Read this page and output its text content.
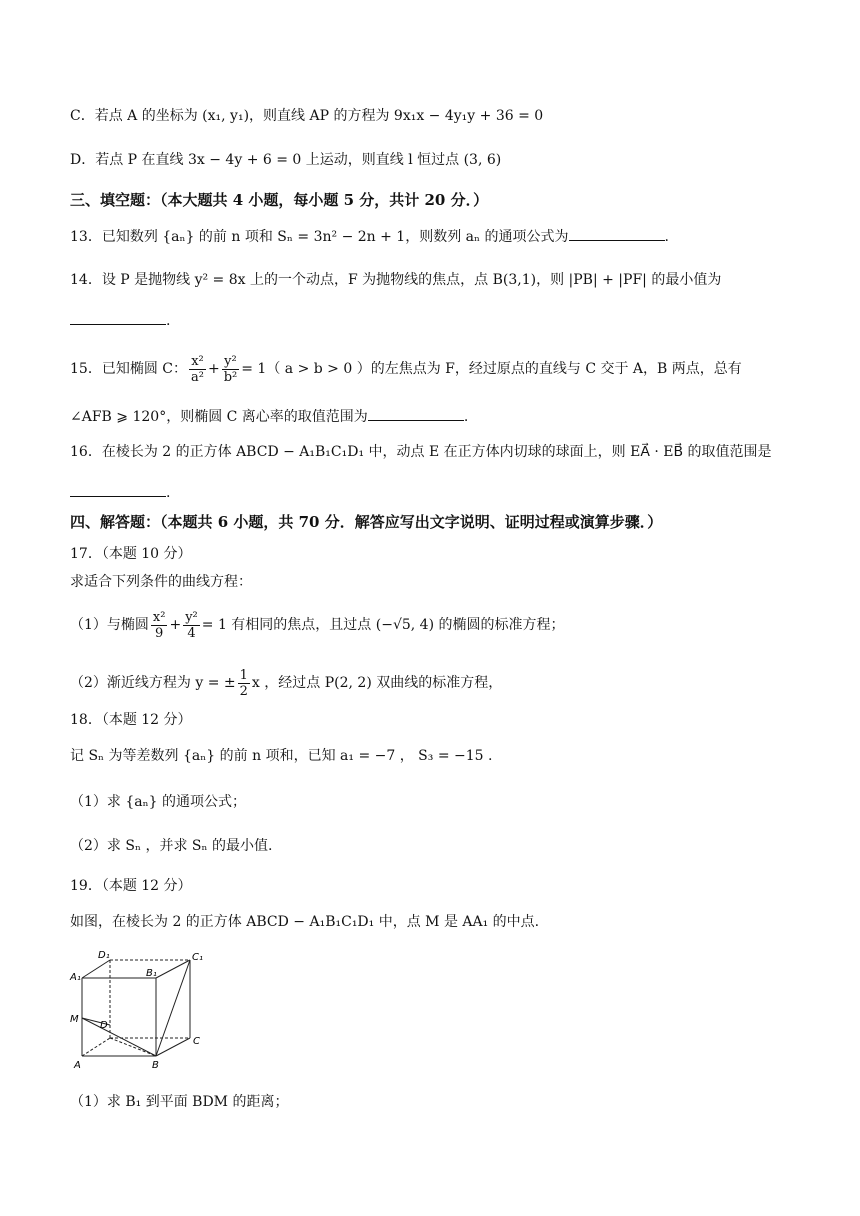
C．若点 A 的坐标为 (x₁, y₁)，则直线 AP 的方程为 9x₁x − 4y₁y + 36 = 0
D．若点 P 在直线 3x − 4y + 6 = 0 上运动，则直线 l 恒过点 (3, 6)
三、填空题：（本大题共 4 小题，每小题 5 分，共计 20 分．）
13．已知数列 {aₙ} 的前 n 项和 Sₙ = 3n² − 2n + 1，则数列 aₙ 的通项公式为	.
14．设 P 是抛物线 y² = 8x 上的一个动点，F 为抛物线的焦点，点 B(3,1)，则 |PB| + |PF| 的最小值为
.
15．已知椭圆 C： $\frac{\text{x²}}{\text{a²}} + \frac{\text{y²}}{\text{b²}} = 1$（ a > b > 0 ）的左焦点为 F，经过原点的直线与 C 交于 A，B 两点，总有
∠AFB ⩾ 120°，则椭圆 C 离心率的取值范围为	.
16．在棱长为 2 的正方体 ABCD − A₁B₁C₁D₁ 中，动点 E 在正方体内切球的球面上，则 EA⃗ · EB⃗ 的取值范围是
.
四、解答题：（本题共 6 小题，共 70 分．解答应写出文字说明、证明过程或演算步骤．）
17．（本题 10 分）
求适合下列条件的曲线方程：
（1）与椭圆 $\frac{\text{x²}}{9} + \frac{\text{y²}}{4} = 1$ 有相同的焦点，且过点 (−√5, 4) 的椭圆的标准方程；
（2）渐近线方程为 y = ± $\frac{1}{2}$ x ，经过点 P(2, 2) 双曲线的标准方程，
18．（本题 12 分）
记 Sₙ 为等差数列 {aₙ} 的前 n 项和，已知 a₁ = −7 ， S₃ = −15 .
（1）求 {aₙ} 的通项公式；
（2）求 Sₙ ，并求 Sₙ 的最小值.
19．（本题 12 分）
如图，在棱长为 2 的正方体 ABCD − A₁B₁C₁D₁ 中，点 M 是 AA₁ 的中点.
D₁	C₁
A₁	B₁
M
D
C
A	B
（1）求 B₁ 到平面 BDM 的距离；
